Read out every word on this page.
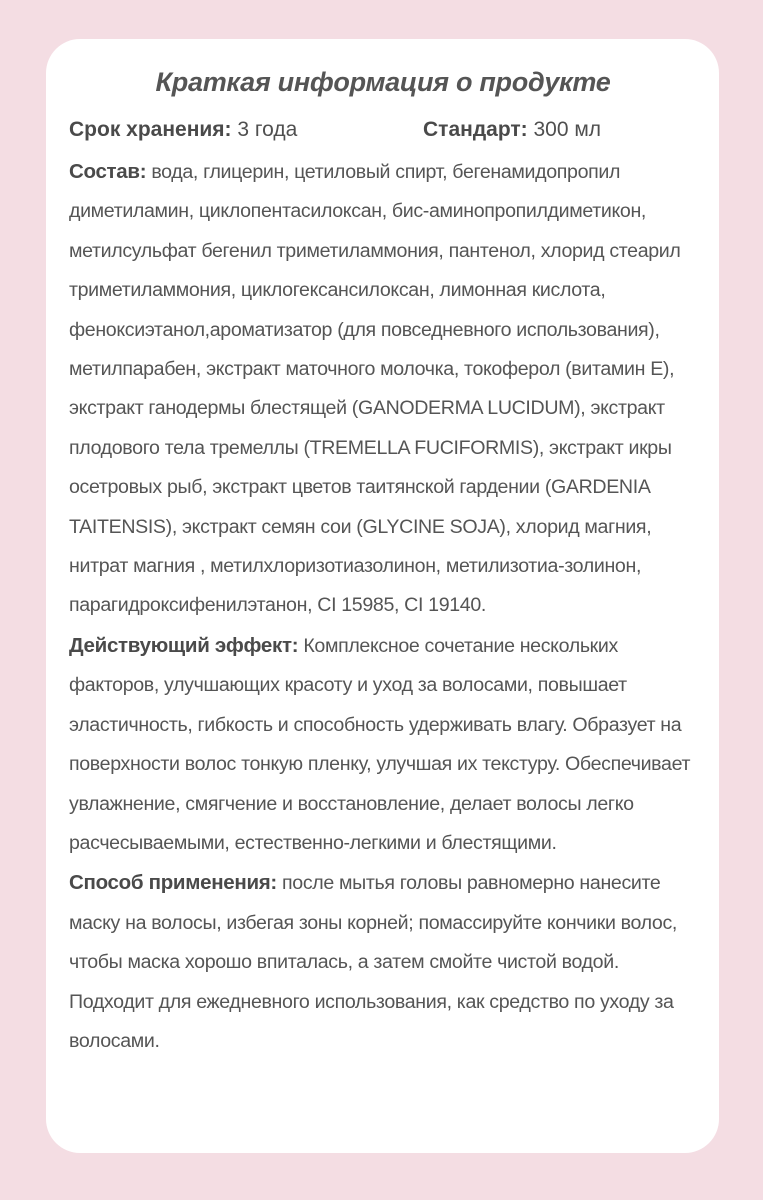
Краткая информация о продукте
Срок хранения: 3 года	Стандарт: 300 мл

Состав: вода, глицерин, цетиловый спирт, бегенамидопропил диметиламин, циклопентасилоксан, бис-аминопропилдиметикон, метилсульфат бегенил триметиламмония, пантенол, хлорид стеарил триметиламмония, циклогексансилоксан, лимонная кислота, феноксиэтанол,ароматизатор (для повседневного использования), метилпарабен, экстракт маточного молочка, токоферол (витамин E), экстракт ганодермы блестящей (GANODERMA LUCIDUM), экстракт плодового тела тремеллы (TREMELLA FUCIFORMIS), экстракт икры осетровых рыб, экстракт цветов таитянской гардении (GARDENIA TAITENSIS), экстракт семян сои (GLYCINE SOJA), хлорид магния, нитрат магния , метилхлоризотиазолинон, метилизотиа-золинон, парагидроксифенилэтанон, CI 15985, CI 19140.

Действующий эффект: Комплексное сочетание нескольких факторов, улучшающих красоту и уход за волосами, повышает эластичность, гибкость и способность удерживать влагу. Образует на поверхности волос тонкую пленку, улучшая их текстуру. Обеспечивает увлажнение, смягчение и восстановление, делает волосы легко расчесываемыми, естественно-легкими и блестящими.

Способ применения: после мытья головы равномерно нанесите маску на волосы, избегая зоны корней; помассируйте кончики волос, чтобы маска хорошо впиталась, а затем смойте чистой водой. Подходит для ежедневного использования, как средство по уходу за волосами.
